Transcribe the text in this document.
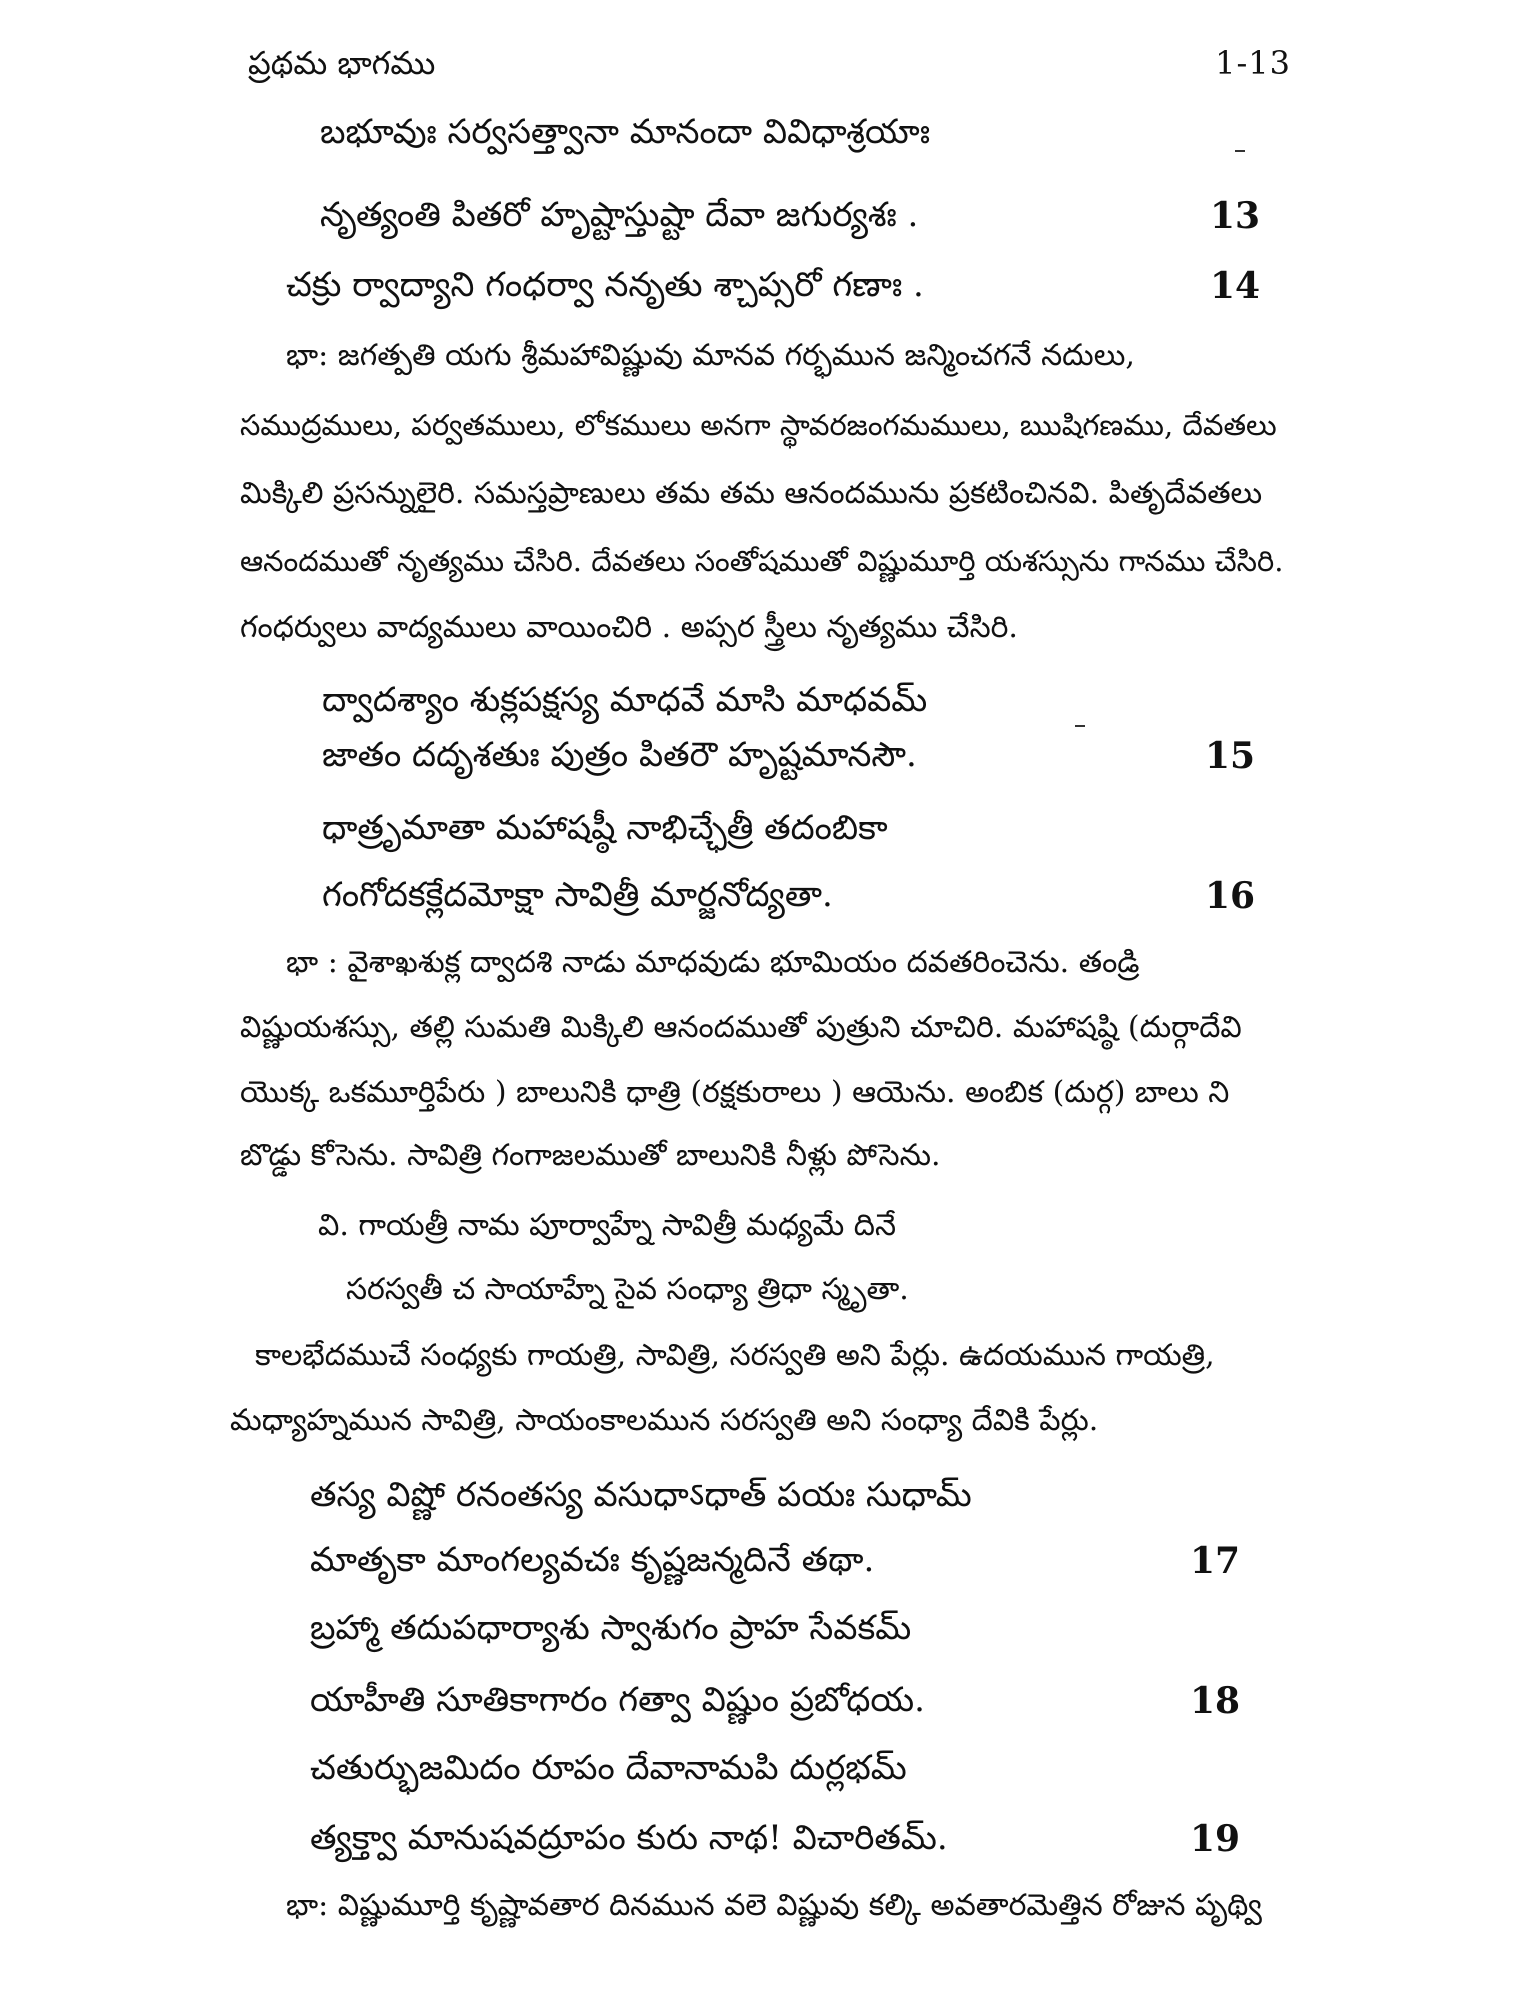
ప్రథమ భాగము	1-13
బభూవుః సర్వసత్త్వానా మానందా వివిధాశ్రయాః
నృత్యంతి పితరో హృష్టాస్తుష్టా దేవా జగుర్యశః .	13
చక్రు ర్వాద్యాని గంధర్వా ననృతు శ్చాప్సరో గణాః .	14
భా: జగత్పతి యగు శ్రీమహావిష్ణువు మానవ గర్భమున జన్మించగనే నదులు,
సముద్రములు, పర్వతములు, లోకములు అనగా స్థావరజంగమములు, ఋషిగణము, దేవతలు
మిక్కిలి ప్రసన్నులైరి. సమస్తప్రాణులు తమ తమ ఆనందమును ప్రకటించినవి. పితృదేవతలు
ఆనందముతో నృత్యము చేసిరి. దేవతలు సంతోషముతో విష్ణుమూర్తి యశస్సును గానము చేసిరి.
గంధర్వులు వాద్యములు వాయించిరి . అప్సర స్త్రీలు నృత్యము చేసిరి.
ద్వాదశ్యాం శుక్లపక్షస్య మాధవే మాసి మాధవమ్
జాతం దదృశతుః పుత్రం పితరౌ హృష్టమానసౌ.	15
ధాత్రృమాతా మహాషష్ఠీ నాభిచ్ఛేత్రీ తదంబికా
గంగోదకక్లేదమోక్షా సావిత్రీ మార్జనోద్యతా.	16
భా : వైశాఖశుక్ల ద్వాదశి నాడు మాధవుడు భూమియం దవతరించెను. తండ్రి
విష్ణుయశస్సు, తల్లి సుమతి మిక్కిలి ఆనందముతో పుత్రుని చూచిరి. మహాషష్ఠి (దుర్గాదేవి
యొక్క ఒకమూర్తిపేరు ) బాలునికి ధాత్రి (రక్షకురాలు ) ఆయెను. అంబిక (దుర్గ) బాలు ని
బొడ్డు కోసెను. సావిత్రి గంగాజలముతో బాలునికి నీళ్లు పోసెను.
వి. గాయత్రీ నామ పూర్వాహ్నే సావిత్రీ మధ్యమే దినే
సరస్వతీ చ సాయాహ్నే సైవ సంధ్యా త్రిధా స్మృతా.
కాలభేదముచే సంధ్యకు గాయత్రి, సావిత్రి, సరస్వతి అని పేర్లు. ఉదయమున గాయత్రి,
మధ్యాహ్నమున సావిత్రి, సాయంకాలమున సరస్వతి అని సంధ్యా దేవికి పేర్లు.
తస్య విష్ణో రనంతస్య వసుధాऽధాత్ పయః సుధామ్
మాతృకా మాంగల్యవచః కృష్ణజన్మదినే తథా.	17
బ్రహ్మా తదుపధార్యాశు స్వాశుగం ప్రాహ సేవకమ్
యాహీతి సూతికాగారం గత్వా విష్ణుం ప్రబోధయ.	18
చతుర్భుజమిదం రూపం దేవానామపి దుర్లభమ్
త్యక్త్వా మానుషవద్రూపం కురు నాథ! విచారితమ్.	19
భా: విష్ణుమూర్తి కృష్ణావతార దినమున వలె విష్ణువు కల్కి అవతారమెత్తిన రోజున పృథ్వి
